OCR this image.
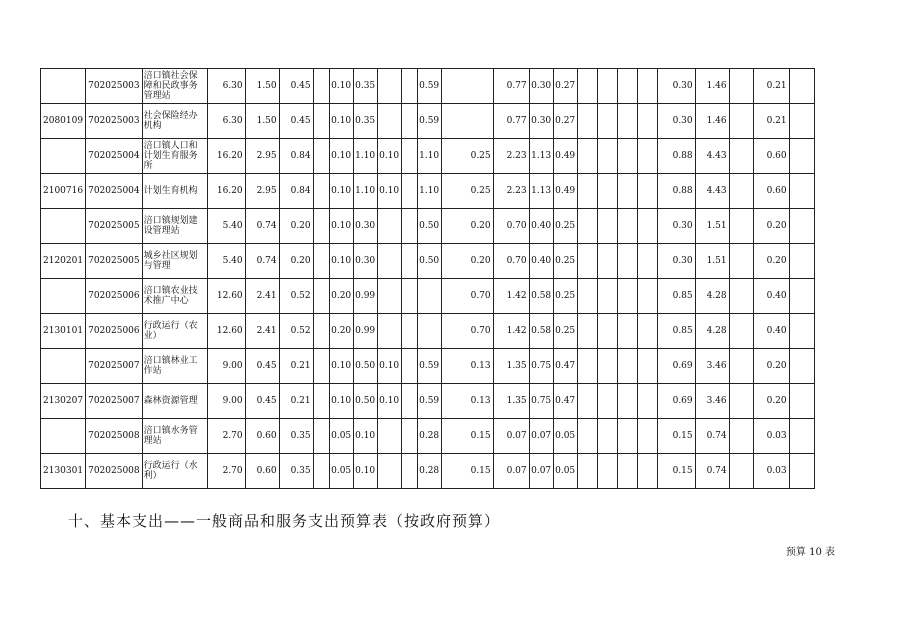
	702025003	涪口镇社会保障和民政事务管理站	6.30	1.50	0.45		0.10	0.35			0.59		0.77	0.30	0.27					0.30	1.46		0.21	
2080109	702025003	社会保险经办机构	6.30	1.50	0.45		0.10	0.35			0.59		0.77	0.30	0.27					0.30	1.46		0.21	
	702025004	涪口镇人口和计划生育服务所	16.20	2.95	0.84		0.10	1.10	0.10		1.10	0.25	2.23	1.13	0.49					0.88	4.43		0.60	
2100716	702025004	计划生育机构	16.20	2.95	0.84		0.10	1.10	0.10		1.10	0.25	2.23	1.13	0.49					0.88	4.43		0.60	
	702025005	涪口镇规划建设管理站	5.40	0.74	0.20		0.10	0.30			0.50	0.20	0.70	0.40	0.25					0.30	1.51		0.20	
2120201	702025005	城乡社区规划与管理	5.40	0.74	0.20		0.10	0.30			0.50	0.20	0.70	0.40	0.25					0.30	1.51		0.20	
	702025006	涪口镇农业技术推广中心	12.60	2.41	0.52		0.20	0.99				0.70	1.42	0.58	0.25					0.85	4.28		0.40	
2130101	702025006	行政运行（农业）	12.60	2.41	0.52		0.20	0.99				0.70	1.42	0.58	0.25					0.85	4.28		0.40	
	702025007	涪口镇林业工作站	9.00	0.45	0.21		0.10	0.50	0.10		0.59	0.13	1.35	0.75	0.47					0.69	3.46		0.20	
2130207	702025007	森林资源管理	9.00	0.45	0.21		0.10	0.50	0.10		0.59	0.13	1.35	0.75	0.47					0.69	3.46		0.20	
	702025008	涪口镇水务管理站	2.70	0.60	0.35		0.05	0.10			0.28	0.15	0.07	0.07	0.05					0.15	0.74		0.03	
2130301	702025008	行政运行（水利）	2.70	0.60	0.35		0.05	0.10			0.28	0.15	0.07	0.07	0.05					0.15	0.74		0.03	
十、基本支出——一般商品和服务支出预算表（按政府预算）
预算 10 表
